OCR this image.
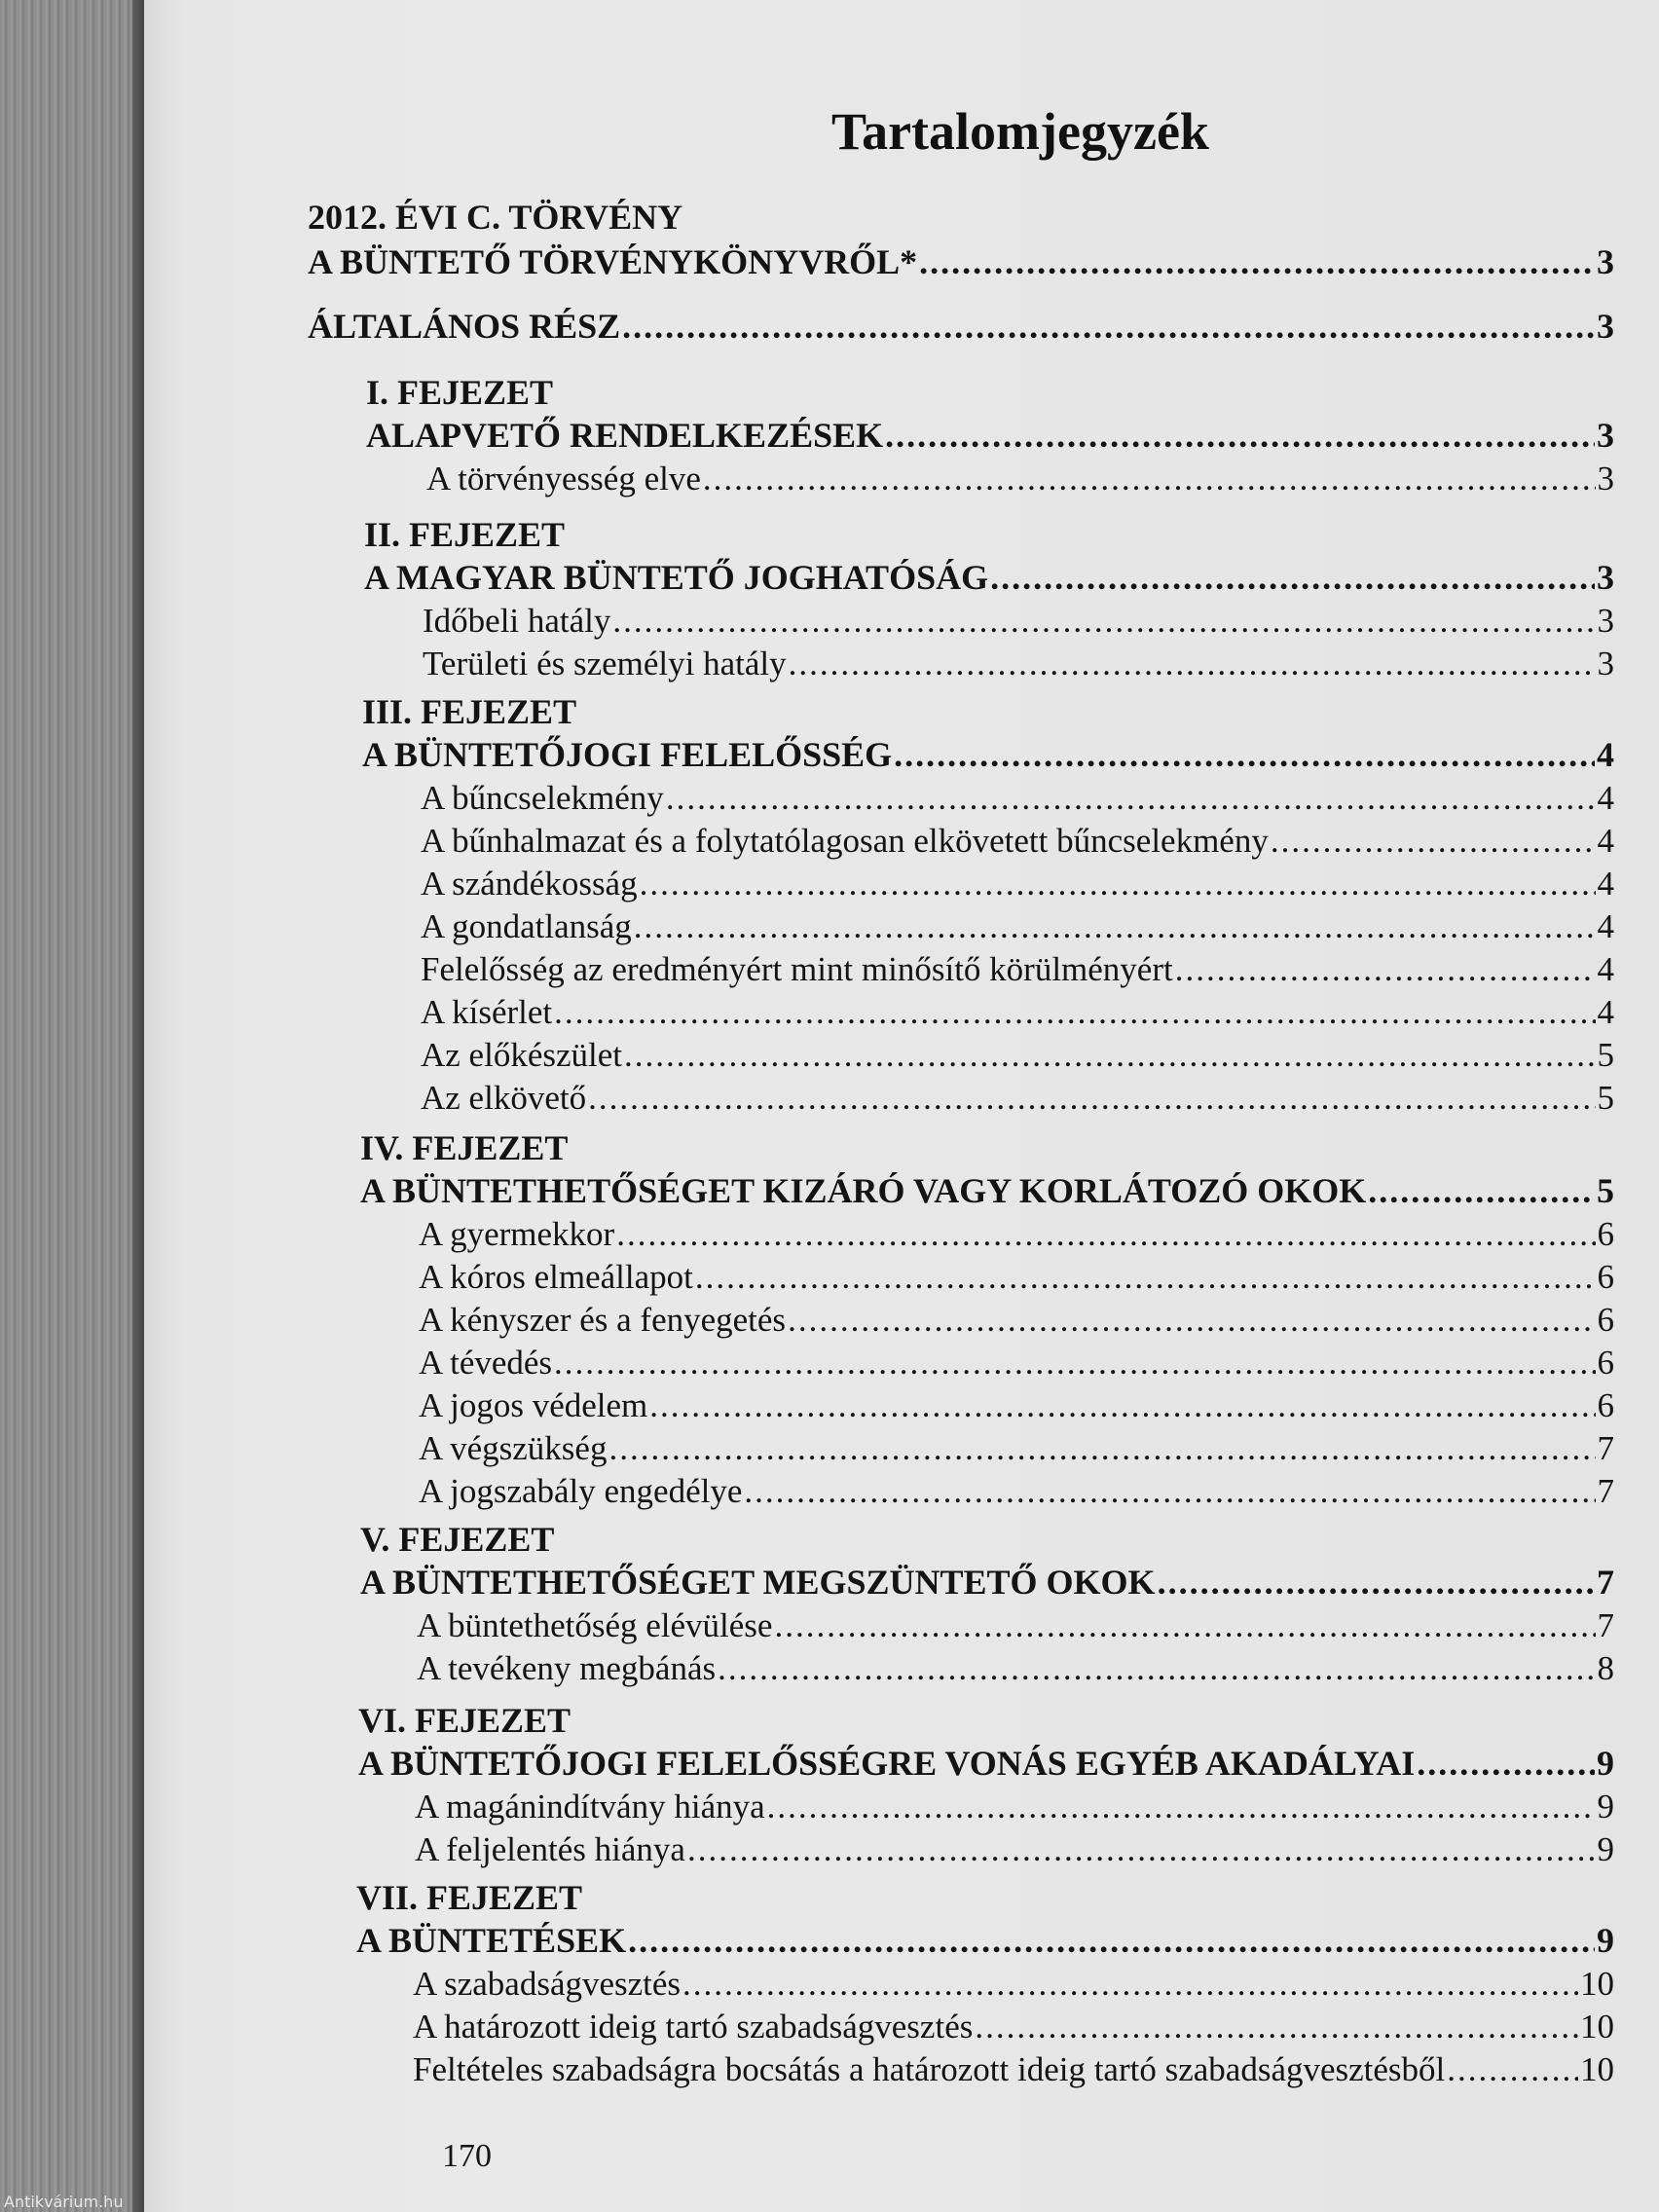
Antikvárium.hu
Tartalomjegyzék
2012. ÉVI C. TÖRVÉNY
A BÜNTETŐ TÖRVÉNYKÖNYVRŐL* .....	3
ÁLTALÁNOS RÉSZ .....	3
I. FEJEZET
ALAPVETŐ RENDELKEZÉSEK .....	3
A törvényesség elve .....	3
II. FEJEZET
A MAGYAR BÜNTETŐ JOGHATÓSÁG .....	3
Időbeli hatály .....	3
Területi és személyi hatály .....	3
III. FEJEZET
A BÜNTETŐJOGI FELELŐSSÉG .....	4
A bűncselekmény .....	4
A bűnhalmazat és a folytatólagosan elkövetett bűncselekmény .....	4
A szándékosság .....	4
A gondatlanság .....	4
Felelősség az eredményért mint minősítő körülményért .....	4
A kísérlet .....	4
Az előkészület .....	5
Az elkövető .....	5
IV. FEJEZET
A BÜNTETHETŐSÉGET KIZÁRÓ VAGY KORLÁTOZÓ OKOK .....	5
A gyermekkor .....	6
A kóros elmeállapot .....	6
A kényszer és a fenyegetés .....	6
A tévedés .....	6
A jogos védelem .....	6
A végszükség .....	7
A jogszabály engedélye .....	7
V. FEJEZET
A BÜNTETHETŐSÉGET MEGSZÜNTETŐ OKOK .....	7
A büntethetőség elévülése .....	7
A tevékeny megbánás .....	8
VI. FEJEZET
A BÜNTETŐJOGI FELELŐSSÉGRE VONÁS EGYÉB AKADÁLYAI .....	9
A magánindítvány hiánya .....	9
A feljelentés hiánya .....	9
VII. FEJEZET
A BÜNTETÉSEK .....	9
A szabadságvesztés .....	10
A határozott ideig tartó szabadságvesztés .....	10
Feltételes szabadságra bocsátás a határozott ideig tartó szabadságvesztésből .....	10
170
